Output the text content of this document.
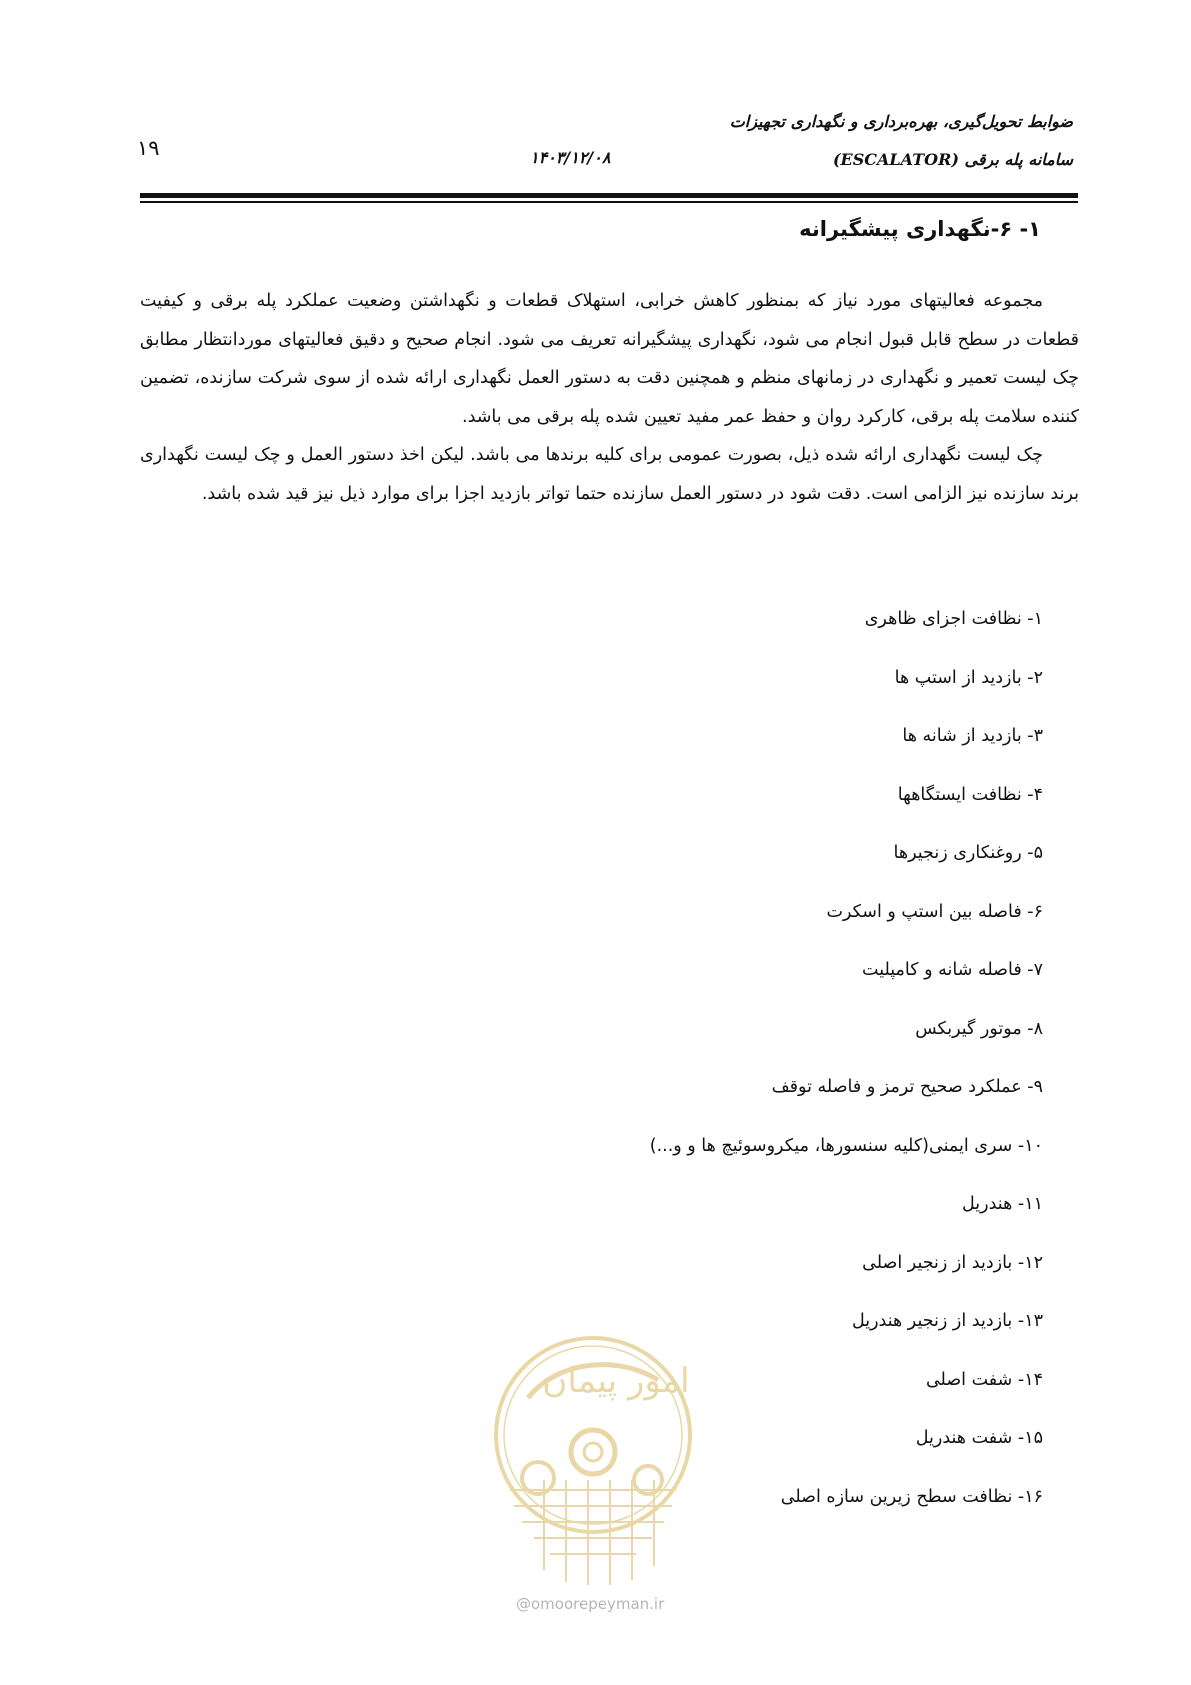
۱۹	۱۴۰۳/۱۲/۰۸
ضوابط تحویل‌گیری، بهره‌برداری و نگهداری تجهیزات
سامانه پله برقی (ESCALATOR)
۱- ۶-نگهداری پیشگیرانه

مجموعه فعالیتهای مورد نیاز که بمنظور کاهش خرابی، استهلاک قطعات و نگهداشتن وضعیت عملکرد پله برقی و کیفیت قطعات در سطح قابل قبول انجام می شود، نگهداری پیشگیرانه تعریف می شود. انجام صحیح و دقیق فعالیتهای موردانتظار مطابق چک لیست تعمیر و نگهداری در زمانهای منظم و همچنین دقت به دستور العمل نگهداری ارائه شده از سوی شرکت سازنده، تضمین کننده سلامت پله برقی، کارکرد روان و حفظ عمر مفید تعیین شده پله برقی می باشد.

چک لیست نگهداری ارائه شده ذیل، بصورت عمومی برای کلیه برندها می باشد. لیکن اخذ دستور العمل و چک لیست نگهداری برند سازنده نیز الزامی است. دقت شود در دستور العمل سازنده حتما تواتر بازدید اجزا برای موارد ذیل نیز قید شده باشد.

۱- نظافت اجزای ظاهری
۲- بازدید از استپ ها
۳- بازدید از شانه ها
۴- نظافت ایستگاهها
۵- روغنکاری زنجیرها
۶- فاصله بین استپ و اسکرت
۷- فاصله شانه و کامپلیت
۸- موتور گیربکس
۹- عملکرد صحیح ترمز و فاصله توقف
۱۰- سری ایمنی(کلیه سنسورها، میکروسوئیچ ها و و...)
۱۱- هندریل
۱۲- بازدید از زنجیر اصلی
۱۳- بازدید از زنجیر هندریل
۱۴- شفت اصلی
۱۵- شفت هندریل
۱۶- نظافت سطح زیرین سازه اصلی
امور پیمان
@omoorepeyman.ir
